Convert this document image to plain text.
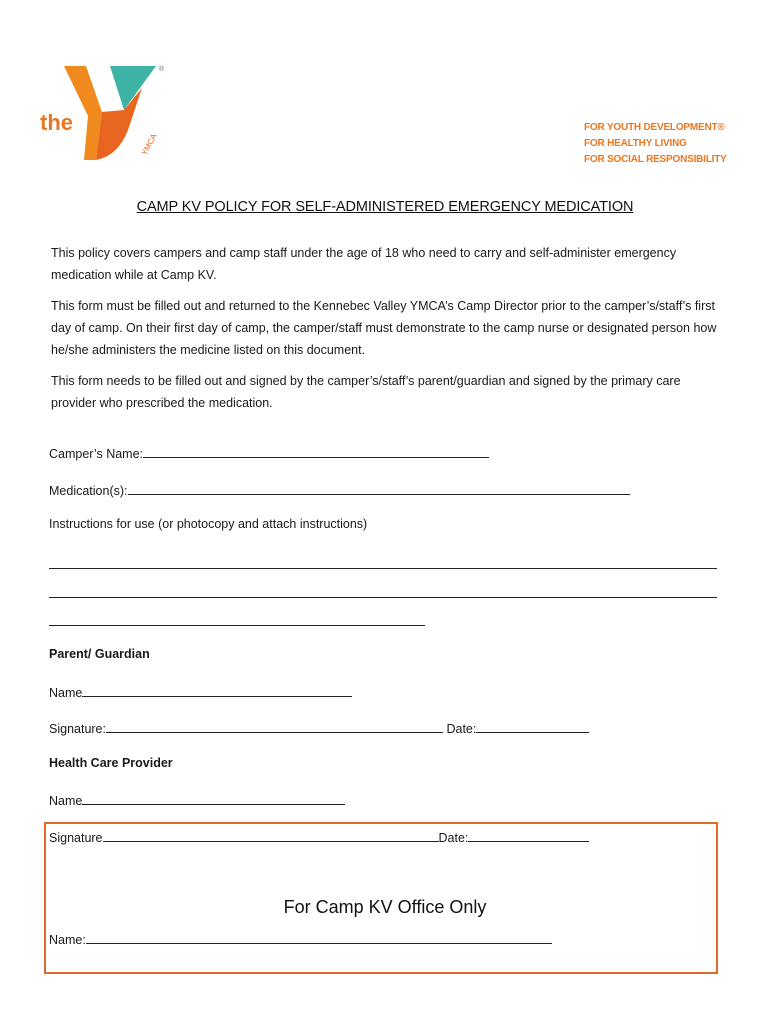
YMCA
®
the	FOR YOUTH DEVELOPMENT®
FOR HEALTHY LIVING
FOR SOCIAL RESPONSIBILITY
CAMP KV POLICY FOR SELF-ADMINISTERED EMERGENCY MEDICATION
This policy covers campers and camp staff under the age of 18 who need to carry and self-administer emergency medication while at Camp KV.
This form must be filled out and returned to the Kennebec Valley YMCA’s Camp Director prior to the camper’s/staff’s first day of camp. On their first day of camp, the camper/staff must demonstrate to the camp nurse or designated person how he/she administers the medicine listed on this document.
This form needs to be filled out and signed by the camper’s/staff’s parent/guardian and signed by the primary care provider who prescribed the medication.
Camper’s Name:
Medication(s):
Instructions for use (or photocopy and attach instructions)
Parent/ Guardian
Name
Signature:	Date:
Health Care Provider
Name
Signature	Date:
For Camp KV Office Only
Name:
